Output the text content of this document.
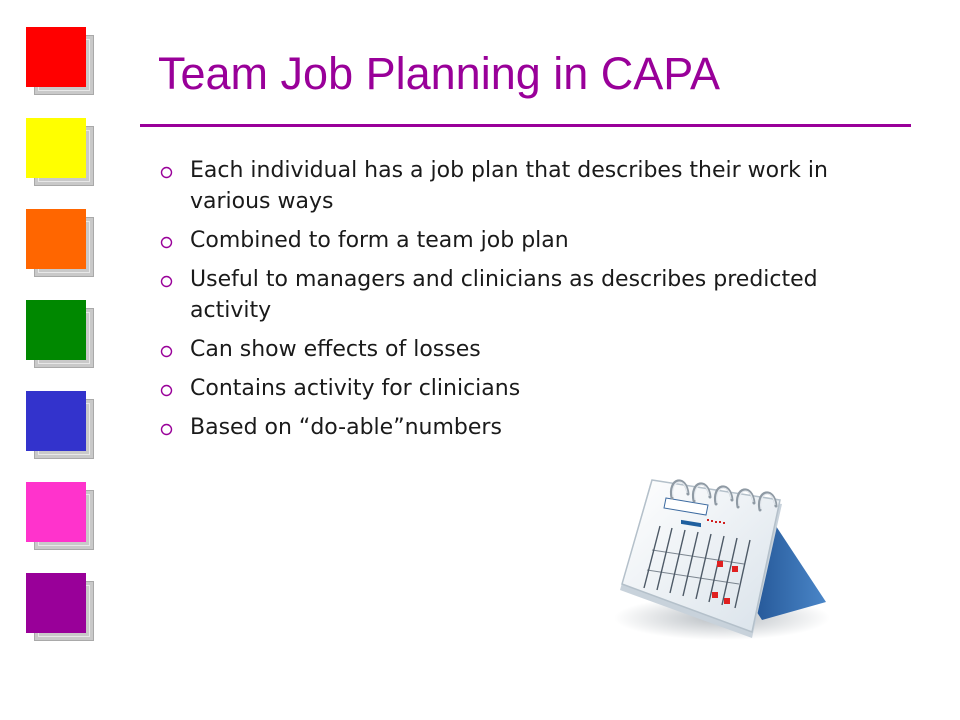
Team Job Planning in CAPA
Each individual has a job plan that describes their work in various ways
Combined to form a team job plan
Useful to managers and clinicians as describes predicted activity
Can show effects of losses
Contains activity for clinicians
Based on “do-able”numbers
